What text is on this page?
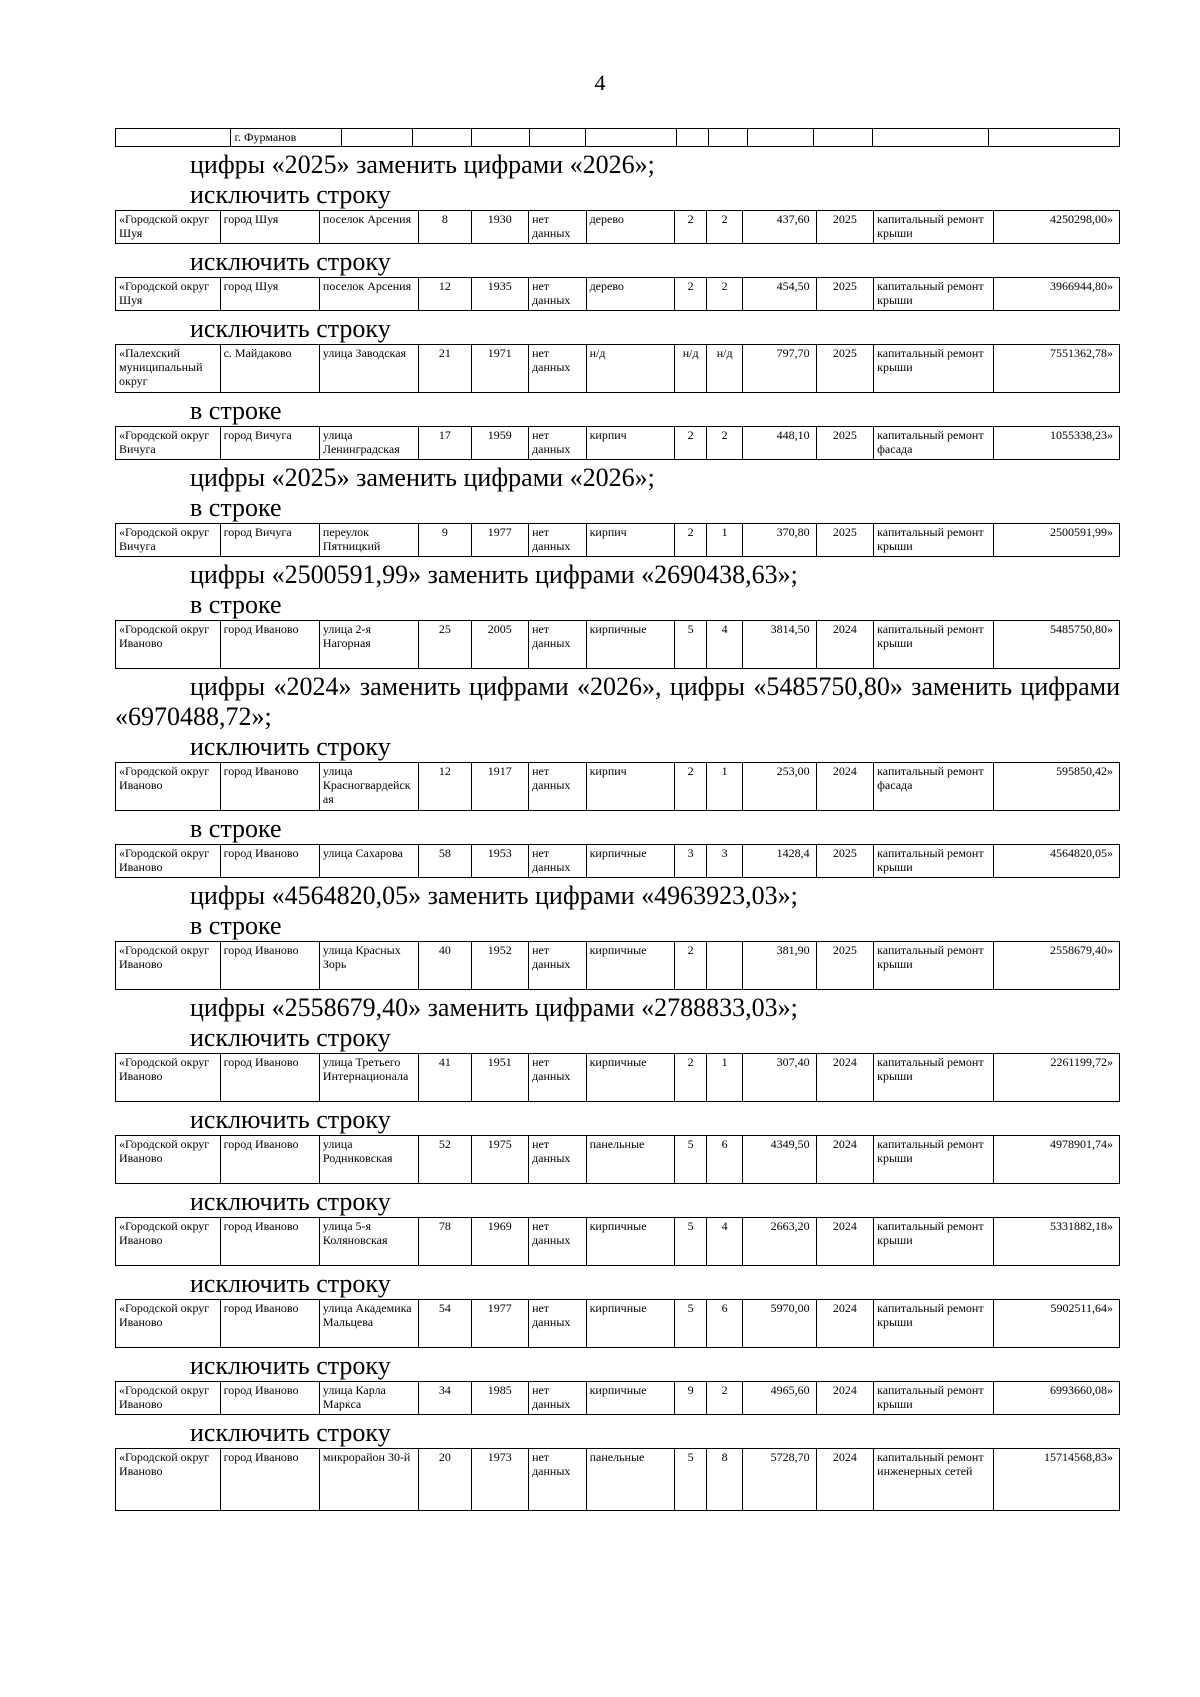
4
	г. Фурманов											

цифры «2025» заменить цифрами «2026»;

исключить строку

«Городской округ Шуя	город Шуя	поселок Арсения	8	1930	нет данных	дерево	2	2	437,60	2025	капитальный ремонт крыши	4250298,00»

исключить строку

«Городской округ Шуя	город Шуя	поселок Арсения	12	1935	нет данных	дерево	2	2	454,50	2025	капитальный ремонт крыши	3966944,80»

исключить строку

«Палехский муниципальный округ	с. Майдаково	улица Заводская	21	1971	нет данных	н/д	н/д	н/д	797,70	2025	капитальный ремонт крыши	7551362,78»

в строке

«Городской округ Вичуга	город Вичуга	улица Ленинградская	17	1959	нет данных	кирпич	2	2	448,10	2025	капитальный ремонт фасада	1055338,23»

цифры «2025» заменить цифрами «2026»;

в строке

«Городской округ Вичуга	город Вичуга	переулок Пятницкий	9	1977	нет данных	кирпич	2	1	370,80	2025	капитальный ремонт крыши	2500591,99»

цифры «2500591,99» заменить цифрами «2690438,63»;

в строке

«Городской округ Иваново	город Иваново	улица 2-я Нагорная	25	2005	нет данных	кирпичные	5	4	3814,50	2024	капитальный ремонт крыши	5485750,80»

цифры «2024» заменить цифрами «2026», цифры «5485750,80» заменить цифрами «6970488,72»;

исключить строку

«Городской округ Иваново	город Иваново	улица Красногвардейская	12	1917	нет данных	кирпич	2	1	253,00	2024	капитальный ремонт фасада	595850,42»

в строке

«Городской округ Иваново	город Иваново	улица Сахарова	58	1953	нет данных	кирпичные	3	3	1428,4	2025	капитальный ремонт крыши	4564820,05»

цифры «4564820,05» заменить цифрами «4963923,03»;

в строке

«Городской округ Иваново	город Иваново	улица Красных Зорь	40	1952	нет данных	кирпичные	2		381,90	2025	капитальный ремонт крыши	2558679,40»

цифры «2558679,40» заменить цифрами «2788833,03»;

исключить строку

«Городской округ Иваново	город Иваново	улица Третьего Интернационала	41	1951	нет данных	кирпичные	2	1	307,40	2024	капитальный ремонт крыши	2261199,72»

исключить строку

«Городской округ Иваново	город Иваново	улица Родниковская	52	1975	нет данных	панельные	5	6	4349,50	2024	капитальный ремонт крыши	4978901,74»

исключить строку

«Городской округ Иваново	город Иваново	улица 5-я Коляновская	78	1969	нет данных	кирпичные	5	4	2663,20	2024	капитальный ремонт крыши	5331882,18»

исключить строку

«Городской округ Иваново	город Иваново	улица Академика Мальцева	54	1977	нет данных	кирпичные	5	6	5970,00	2024	капитальный ремонт крыши	5902511,64»

исключить строку

«Городской округ Иваново	город Иваново	улица Карла Маркса	34	1985	нет данных	кирпичные	9	2	4965,60	2024	капитальный ремонт крыши	6993660,08»

исключить строку

«Городской округ Иваново	город Иваново	микрорайон 30-й	20	1973	нет данных	панельные	5	8	5728,70	2024	капитальный ремонт инженерных сетей	15714568,83»
